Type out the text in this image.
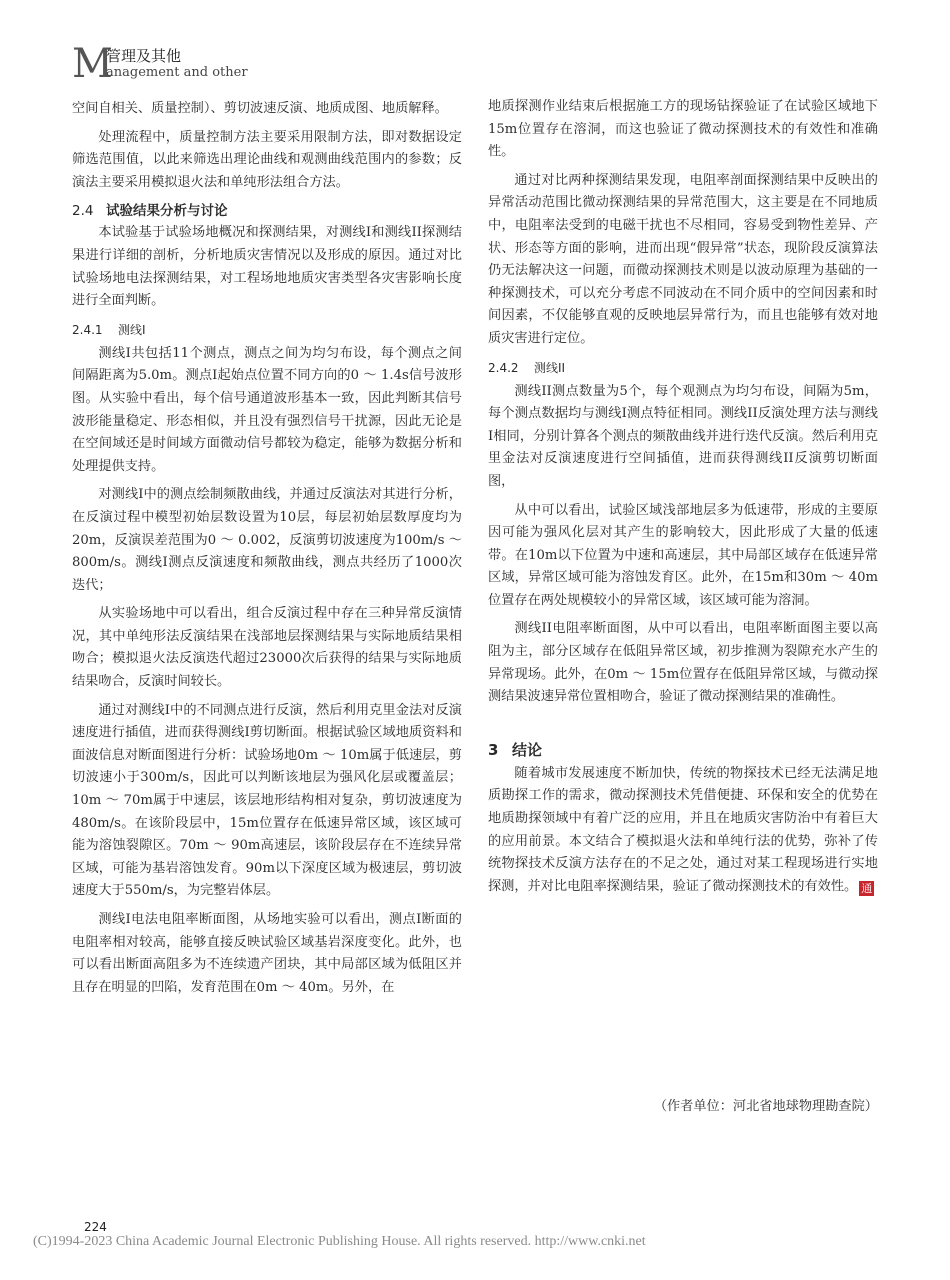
M
管理及其他
anagement and other

空间自相关、质量控制）、剪切波速反演、地质成图、地质解释。

处理流程中，质量控制方法主要采用限制方法，即对数据设定筛选范围值，以此来筛选出理论曲线和观测曲线范围内的参数；反演法主要采用模拟退火法和单纯形法组合方法。

2.4 试验结果分析与讨论

本试验基于试验场地概况和探测结果，对测线I和测线II探测结果进行详细的剖析，分析地质灾害情况以及形成的原因。通过对比试验场地电法探测结果，对工程场地地质灾害类型各灾害影响长度进行全面判断。

2.4.1 测线I

测线I共包括11个测点，测点之间为均匀布设，每个测点之间间隔距离为5.0m。测点I起始点位置不同方向的0 ～ 1.4s信号波形图。从实验中看出，每个信号通道波形基本一致，因此判断其信号波形能量稳定、形态相似，并且没有强烈信号干扰源，因此无论是在空间域还是时间域方面微动信号都较为稳定，能够为数据分析和处理提供支持。

对测线I中的测点绘制频散曲线，并通过反演法对其进行分析，在反演过程中模型初始层数设置为10层，每层初始层数厚度均为20m，反演误差范围为0 ～ 0.002，反演剪切波速度为100m/s ～ 800m/s。测线I测点反演速度和频散曲线，测点共经历了1000次迭代；

从实验场地中可以看出，组合反演过程中存在三种异常反演情况，其中单纯形法反演结果在浅部地层探测结果与实际地质结果相吻合；模拟退火法反演迭代超过23000次后获得的结果与实际地质结果吻合，反演时间较长。

通过对测线I中的不同测点进行反演，然后利用克里金法对反演速度进行插值，进而获得测线I剪切断面。根据试验区域地质资料和面波信息对断面图进行分析：试验场地0m ～ 10m属于低速层，剪切波速小于300m/s，因此可以判断该地层为强风化层或覆盖层；10m ～ 70m属于中速层，该层地形结构相对复杂，剪切波速度为480m/s。在该阶段层中，15m位置存在低速异常区域，该区域可能为溶蚀裂隙区。70m ～ 90m高速层，该阶段层存在不连续异常区域，可能为基岩溶蚀发育。90m以下深度区域为极速层，剪切波速度大于550m/s，为完整岩体层。

测线I电法电阻率断面图，从场地实验可以看出，测点I断面的电阻率相对较高，能够直接反映试验区域基岩深度变化。此外，也可以看出断面高阻多为不连续遗产团块，其中局部区域为低阻区并且存在明显的凹陷，发育范围在0m ～ 40m。另外，在

地质探测作业结束后根据施工方的现场钻探验证了在试验区域地下15m位置存在溶洞，而这也验证了微动探测技术的有效性和准确性。

通过对比两种探测结果发现，电阻率剖面探测结果中反映出的异常活动范围比微动探测结果的异常范围大，这主要是在不同地质中，电阻率法受到的电磁干扰也不尽相同，容易受到物性差异、产状、形态等方面的影响，进而出现“假异常”状态，现阶段反演算法仍无法解决这一问题，而微动探测技术则是以波动原理为基础的一种探测技术，可以充分考虑不同波动在不同介质中的空间因素和时间因素，不仅能够直观的反映地层异常行为，而且也能够有效对地质灾害进行定位。

2.4.2 测线II

测线II测点数量为5个，每个观测点为均匀布设，间隔为5m，每个测点数据均与测线I测点特征相同。测线II反演处理方法与测线I相同，分别计算各个测点的频散曲线并进行迭代反演。然后利用克里金法对反演速度进行空间插值，进而获得测线II反演剪切断面图，

从中可以看出，试验区域浅部地层多为低速带，形成的主要原因可能为强风化层对其产生的影响较大，因此形成了大量的低速带。在10m以下位置为中速和高速层，其中局部区域存在低速异常区域，异常区域可能为溶蚀发育区。此外，在15m和30m ～ 40m位置存在两处规模较小的异常区域，该区域可能为溶洞。

测线II电阻率断面图，从中可以看出，电阻率断面图主要以高阻为主，部分区域存在低阻异常区域，初步推测为裂隙充水产生的异常现场。此外，在0m ～ 15m位置存在低阻异常区域，与微动探测结果波速异常位置相吻合，验证了微动探测结果的准确性。

3 结论

随着城市发展速度不断加快，传统的物探技术已经无法满足地质勘探工作的需求，微动探测技术凭借便捷、环保和安全的优势在地质勘探领域中有着广泛的应用，并且在地质灾害防治中有着巨大的应用前景。本文结合了模拟退火法和单纯行法的优势，弥补了传统物探技术反演方法存在的不足之处，通过对某工程现场进行实地探测，并对比电阻率探测结果，验证了微动探测技术的有效性。 通

（作者单位：河北省地球物理勘查院）
224
(C)1994-2023 China Academic Journal Electronic Publishing House. All rights reserved. http://www.cnki.net
